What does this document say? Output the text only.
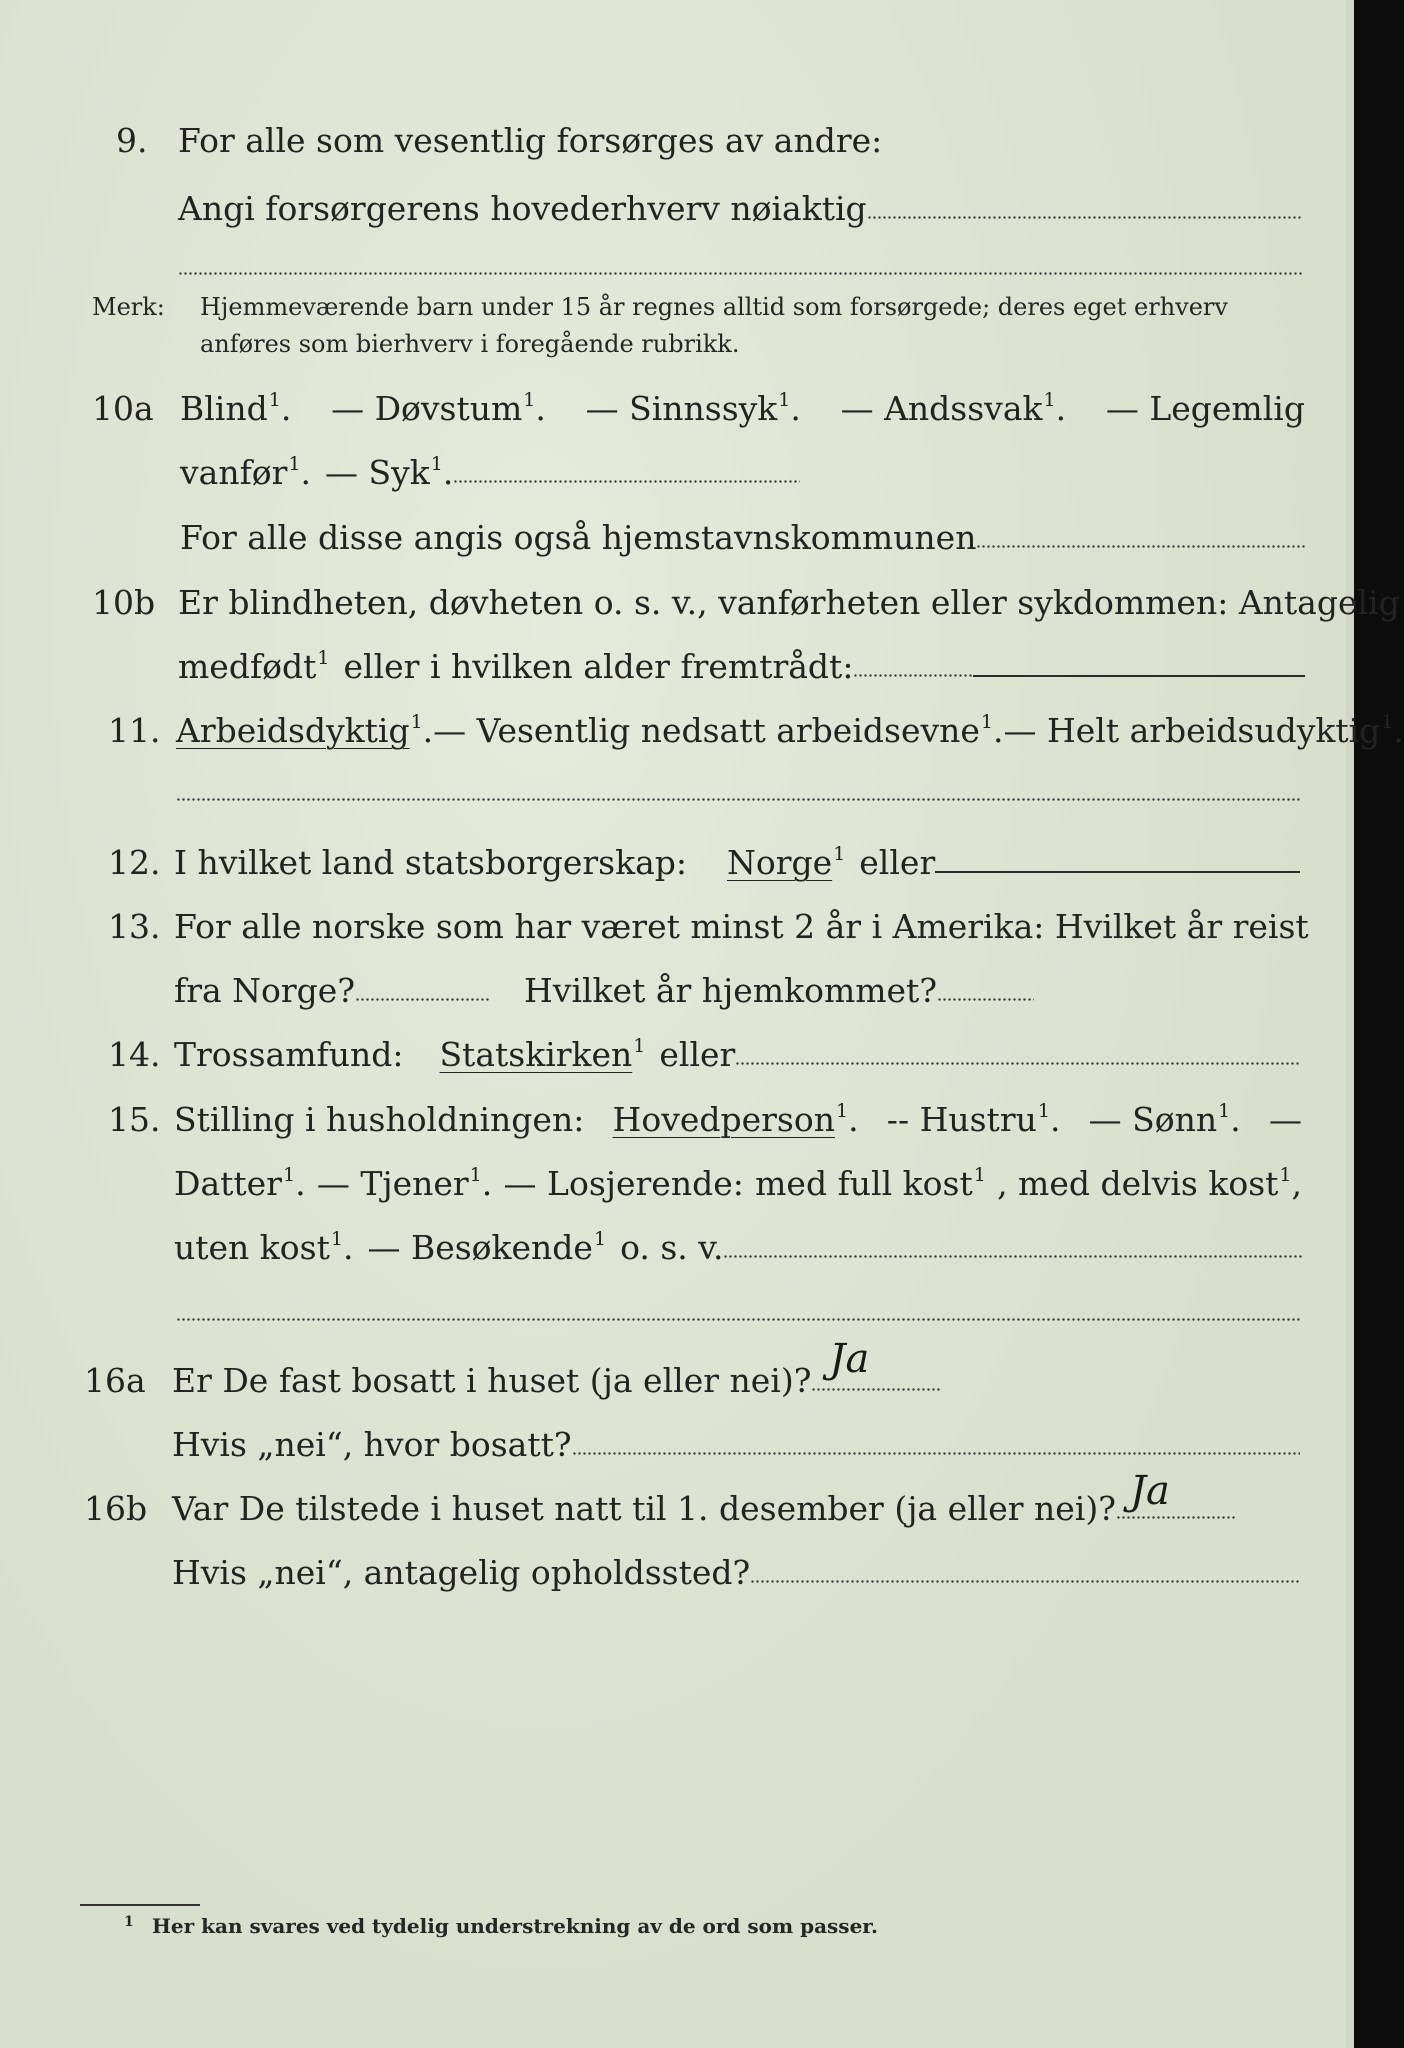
9. For alle som vesentlig forsørges av andre:
Angi forsørgerens hovederhverv nøiaktig
Merk: Hjemmeværende barn under 15 år regnes alltid som forsørgede; deres eget erhverv
anføres som bierhverv i foregående rubrikk.
10a Blind$^1$. — Døvstum$^1$. — Sinnssyk$^1$. — Andssvak$^1$. — Legemlig
vanfør$^1$. — Syk$^1$.
For alle disse angis også hjemstavnskommunen
10b Er blindheten, døvheten o. s. v., vanførheten eller sykdommen: Antagelig
medfødt$^1$ eller i hvilken alder fremtrådt:
11. Arbeidsdyktig$^1$. — Vesentlig nedsatt arbeidsevne$^1$. — Helt arbeidsudyktig$^1$.
12. I hvilket land statsborgerskap: Norge$^1$ eller
13. For alle norske som har været minst 2 år i Amerika: Hvilket år reist
fra Norge?	Hvilket år hjemkommet?
14. Trossamfund: Statskirken$^1$ eller
15. Stilling i husholdningen: Hovedperson$^1$. -- Hustru$^1$. — Sønn$^1$. —
Datter$^1$. — Tjener$^1$. — Losjerende: med full kost$^1$ , med delvis kost$^1$,
uten kost$^1$. — Besøkende$^1$ o. s. v.
16a Er De fast bosatt i huset (ja eller nei)? Ja
Hvis „nei“, hvor bosatt?
16b Var De tilstede i huset natt til 1. desember (ja eller nei)? Ja
Hvis „nei“, antagelig opholdssted?
1 Her kan svares ved tydelig understrekning av de ord som passer.
